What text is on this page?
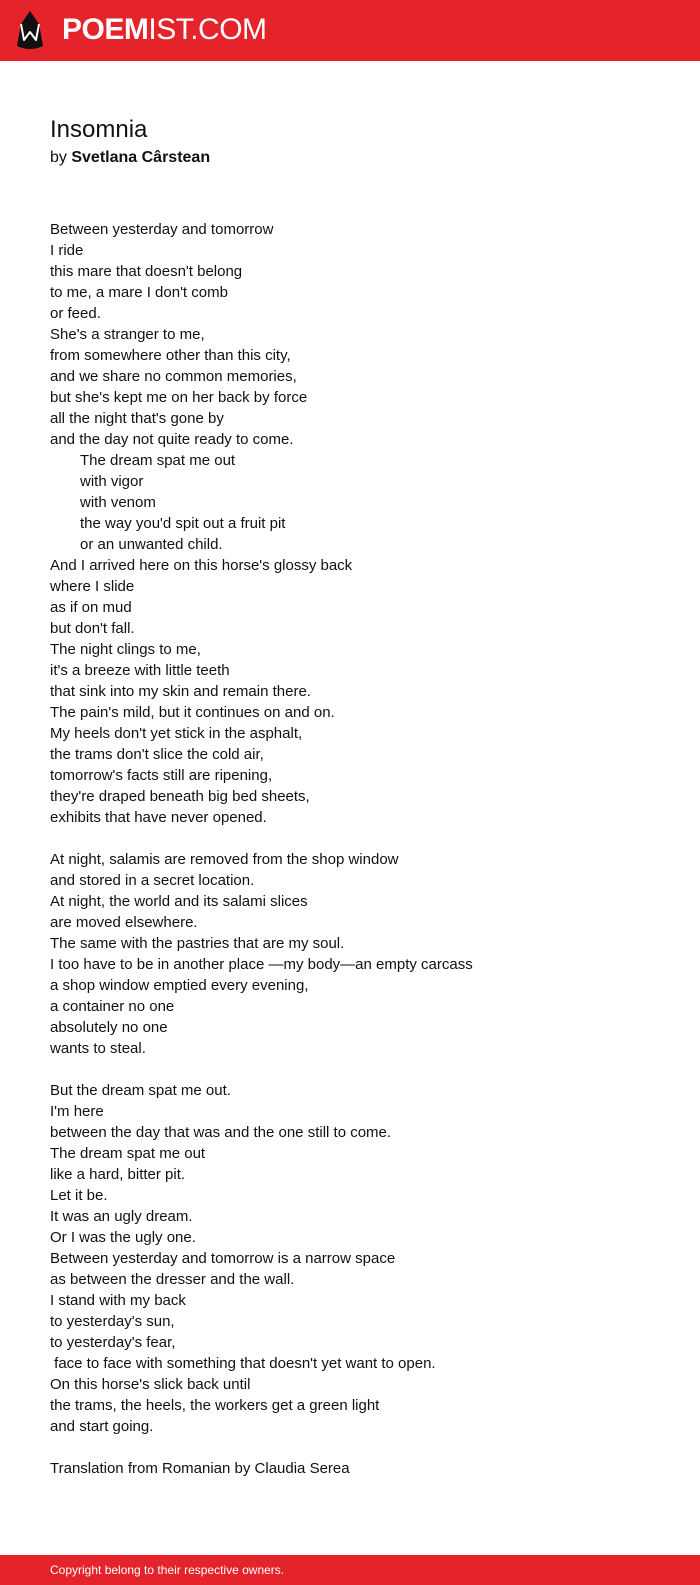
POEMIST.COM
Insomnia
by Svetlana Cârstean
Between yesterday and tomorrow
I ride
this mare that doesn't belong
to me, a mare I don't comb
or feed.
She's a stranger to me,
from somewhere other than this city,
and we share no common memories,
but she's kept me on her back by force
all the night that's gone by
and the day not quite ready to come.
The dream spat me out
with vigor
with venom
the way you'd spit out a fruit pit
or an unwanted child.
And I arrived here on this horse's glossy back
where I slide
as if on mud
but don't fall.
The night clings to me,
it's a breeze with little teeth
that sink into my skin and remain there.
The pain's mild, but it continues on and on.
My heels don't yet stick in the asphalt,
the trams don't slice the cold air,
tomorrow's facts still are ripening,
they're draped beneath big bed sheets,
exhibits that have never opened.
At night, salamis are removed from the shop window
and stored in a secret location.
At night, the world and its salami slices
are moved elsewhere.
The same with the pastries that are my soul.
I too have to be in another place —my body—an empty carcass
a shop window emptied every evening,
a container no one
absolutely no one
wants to steal.
But the dream spat me out.
I'm here
between the day that was and the one still to come.
The dream spat me out
like a hard, bitter pit.
Let it be.
It was an ugly dream.
Or I was the ugly one.
Between yesterday and tomorrow is a narrow space
as between the dresser and the wall.
I stand with my back
to yesterday's sun,
to yesterday's fear,
face to face with something that doesn't yet want to open.
On this horse's slick back until
the trams, the heels, the workers get a green light
and start going.
Translation from Romanian by Claudia Serea
Copyright belong to their respective owners.
